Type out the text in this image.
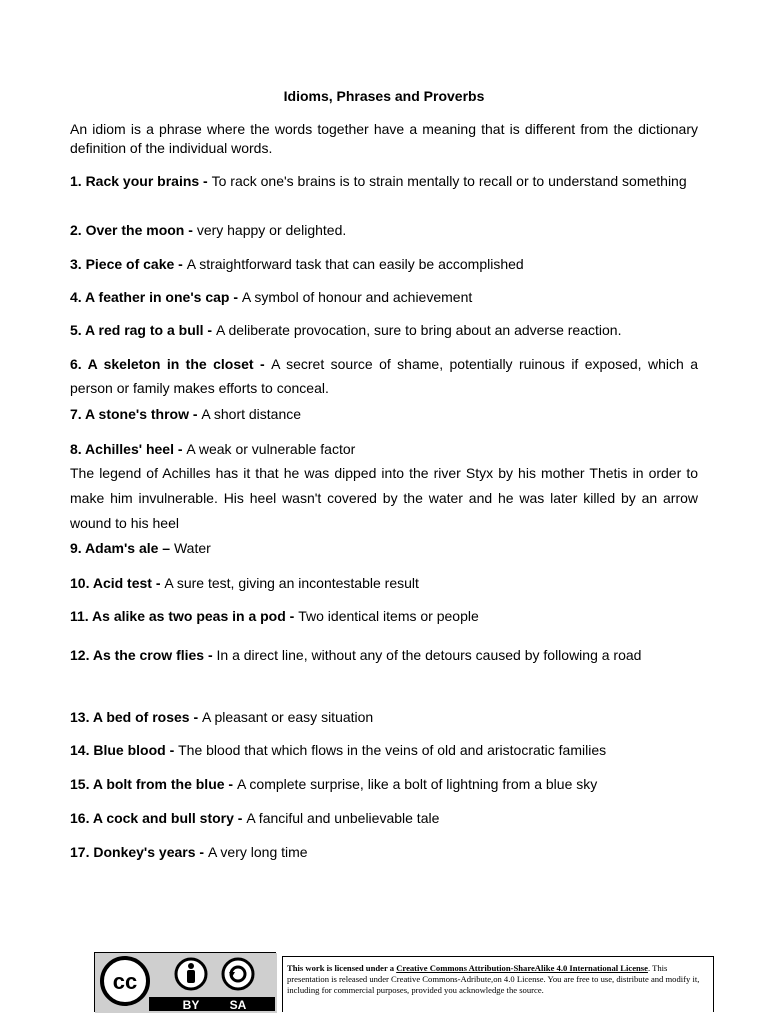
Idioms, Phrases and Proverbs
An idiom is a phrase where the words together have a meaning that is different from the dictionary definition of the individual words.
1. Rack your brains - To rack one's brains is to strain mentally to recall or to understand something
2. Over the moon - very happy or delighted.
3. Piece of cake - A straightforward task that can easily be accomplished
4. A feather in one's cap - A symbol of honour and achievement
5. A red rag to a bull - A deliberate provocation, sure to bring about an adverse reaction.
6. A skeleton in the closet - A secret source of shame, potentially ruinous if exposed, which a person or family makes efforts to conceal.
7. A stone's throw - A short distance
8. Achilles' heel - A weak or vulnerable factor
The legend of Achilles has it that he was dipped into the river Styx by his mother Thetis in order to make him invulnerable. His heel wasn't covered by the water and he was later killed by an arrow wound to his heel
9. Adam's ale – Water
10. Acid test - A sure test, giving an incontestable result
11. As alike as two peas in a pod - Two identical items or people
12. As the crow flies - In a direct line, without any of the detours caused by following a road
13. A bed of roses - A pleasant or easy situation
14. Blue blood - The blood that which flows in the veins of old and aristocratic families
15. A bolt from the blue - A complete surprise, like a bolt of lightning from a blue sky
16. A cock and bull story - A fanciful and unbelievable tale
17. Donkey's years - A very long time
cc
BY	SA
This work is licensed under a Creative Commons Attribution-ShareAlike 4.0 International License. This presentation is released under Creative Commons-Adribute,on 4.0 License. You are free to use, distribute and modify it, including for commercial purposes, provided you acknowledge the source.
